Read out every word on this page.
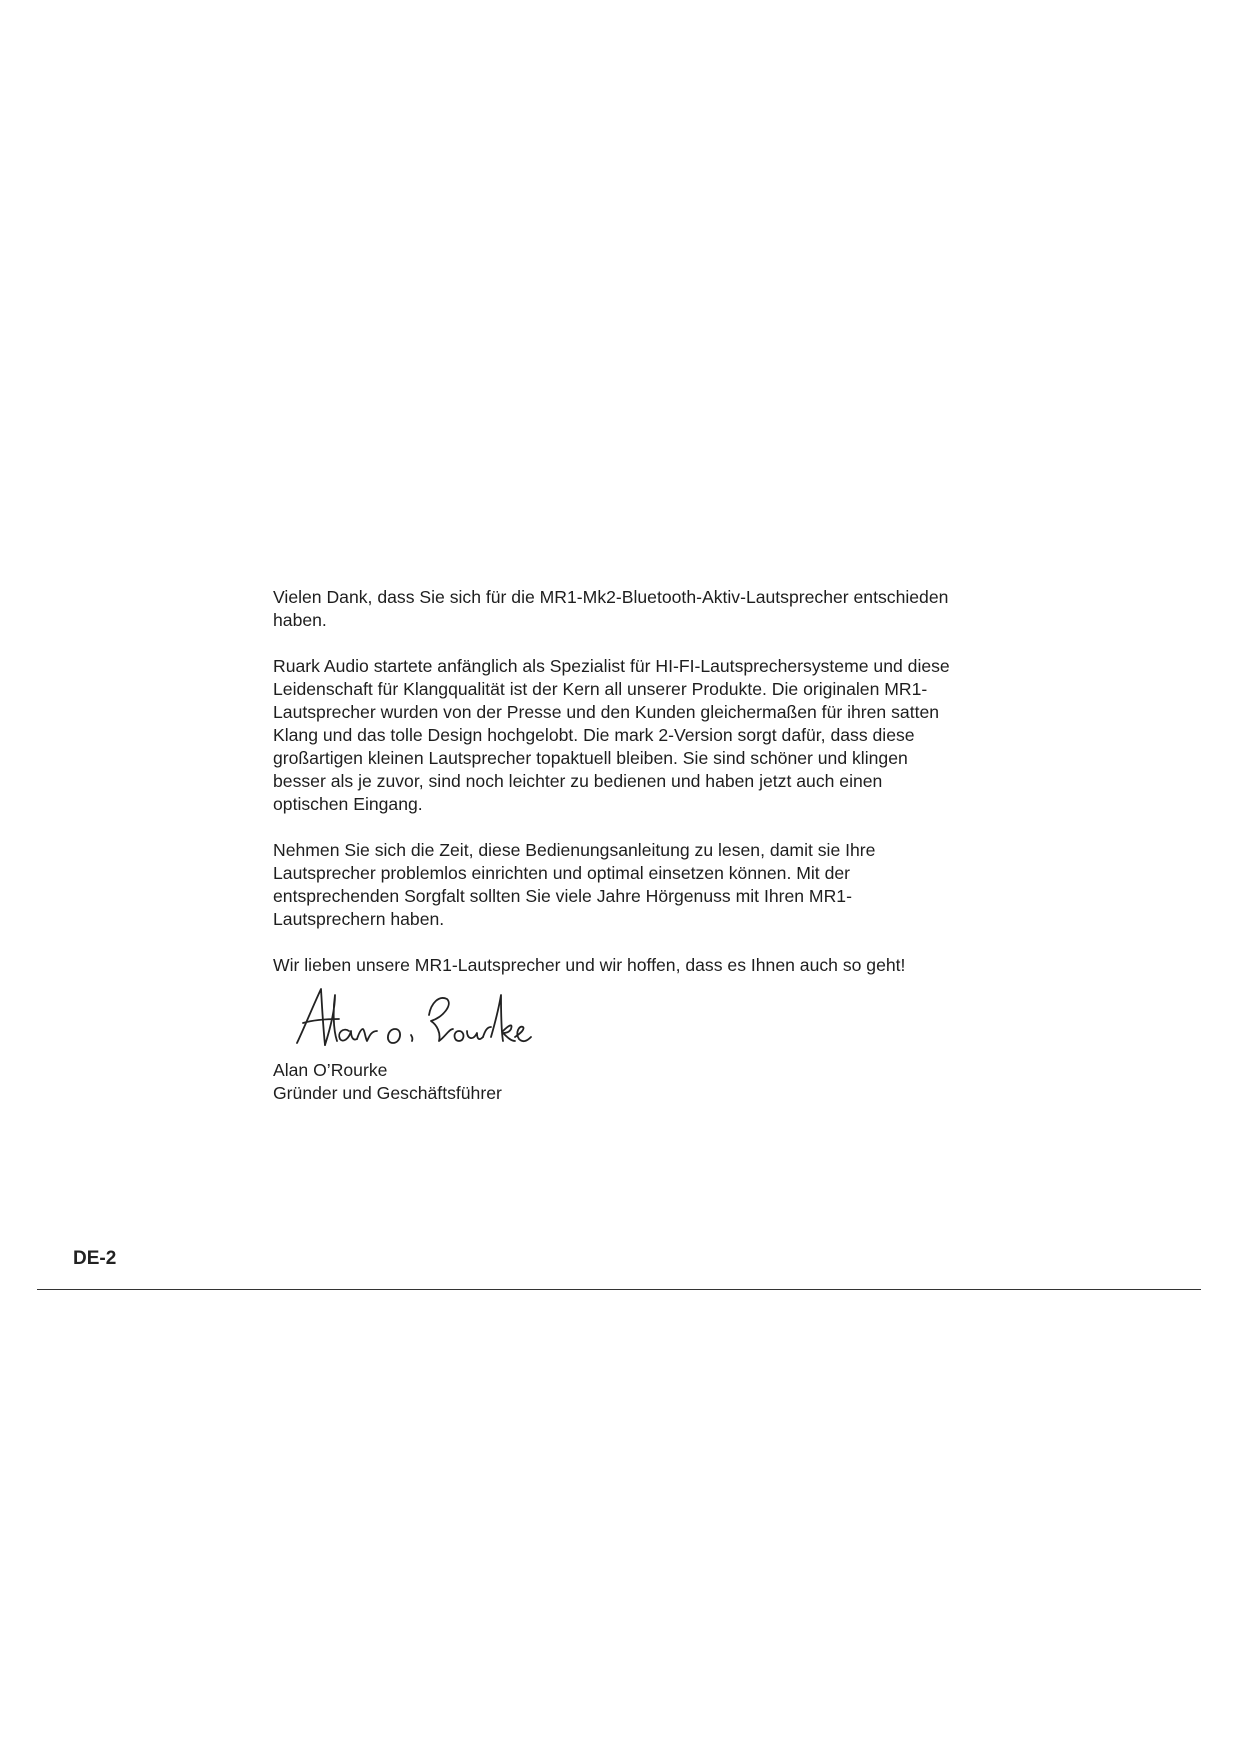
Vielen Dank, dass Sie sich für die MR1-Mk2-Bluetooth-Aktiv-Lautsprecher entschieden haben.

Ruark Audio startete anfänglich als Spezialist für HI-FI-Lautsprechersysteme und diese Leidenschaft für Klangqualität ist der Kern all unserer Produkte. Die originalen MR1-Lautsprecher wurden von der Presse und den Kunden gleichermaßen für ihren satten Klang und das tolle Design hochgelobt. Die mark 2-Version sorgt dafür, dass diese großartigen kleinen Lautsprecher topaktuell bleiben. Sie sind schöner und klingen besser als je zuvor, sind noch leichter zu bedienen und haben jetzt auch einen optischen Eingang.

Nehmen Sie sich die Zeit, diese Bedienungsanleitung zu lesen, damit sie Ihre Lautsprecher problemlos einrichten und optimal einsetzen können. Mit der entsprechenden Sorgfalt sollten Sie viele Jahre Hörgenuss mit Ihren MR1-Lautsprechern haben.

Wir lieben unsere MR1-Lautsprecher und wir hoffen, dass es Ihnen auch so geht!

Alan O’Rourke
Gründer und Geschäftsführer
DE-2
